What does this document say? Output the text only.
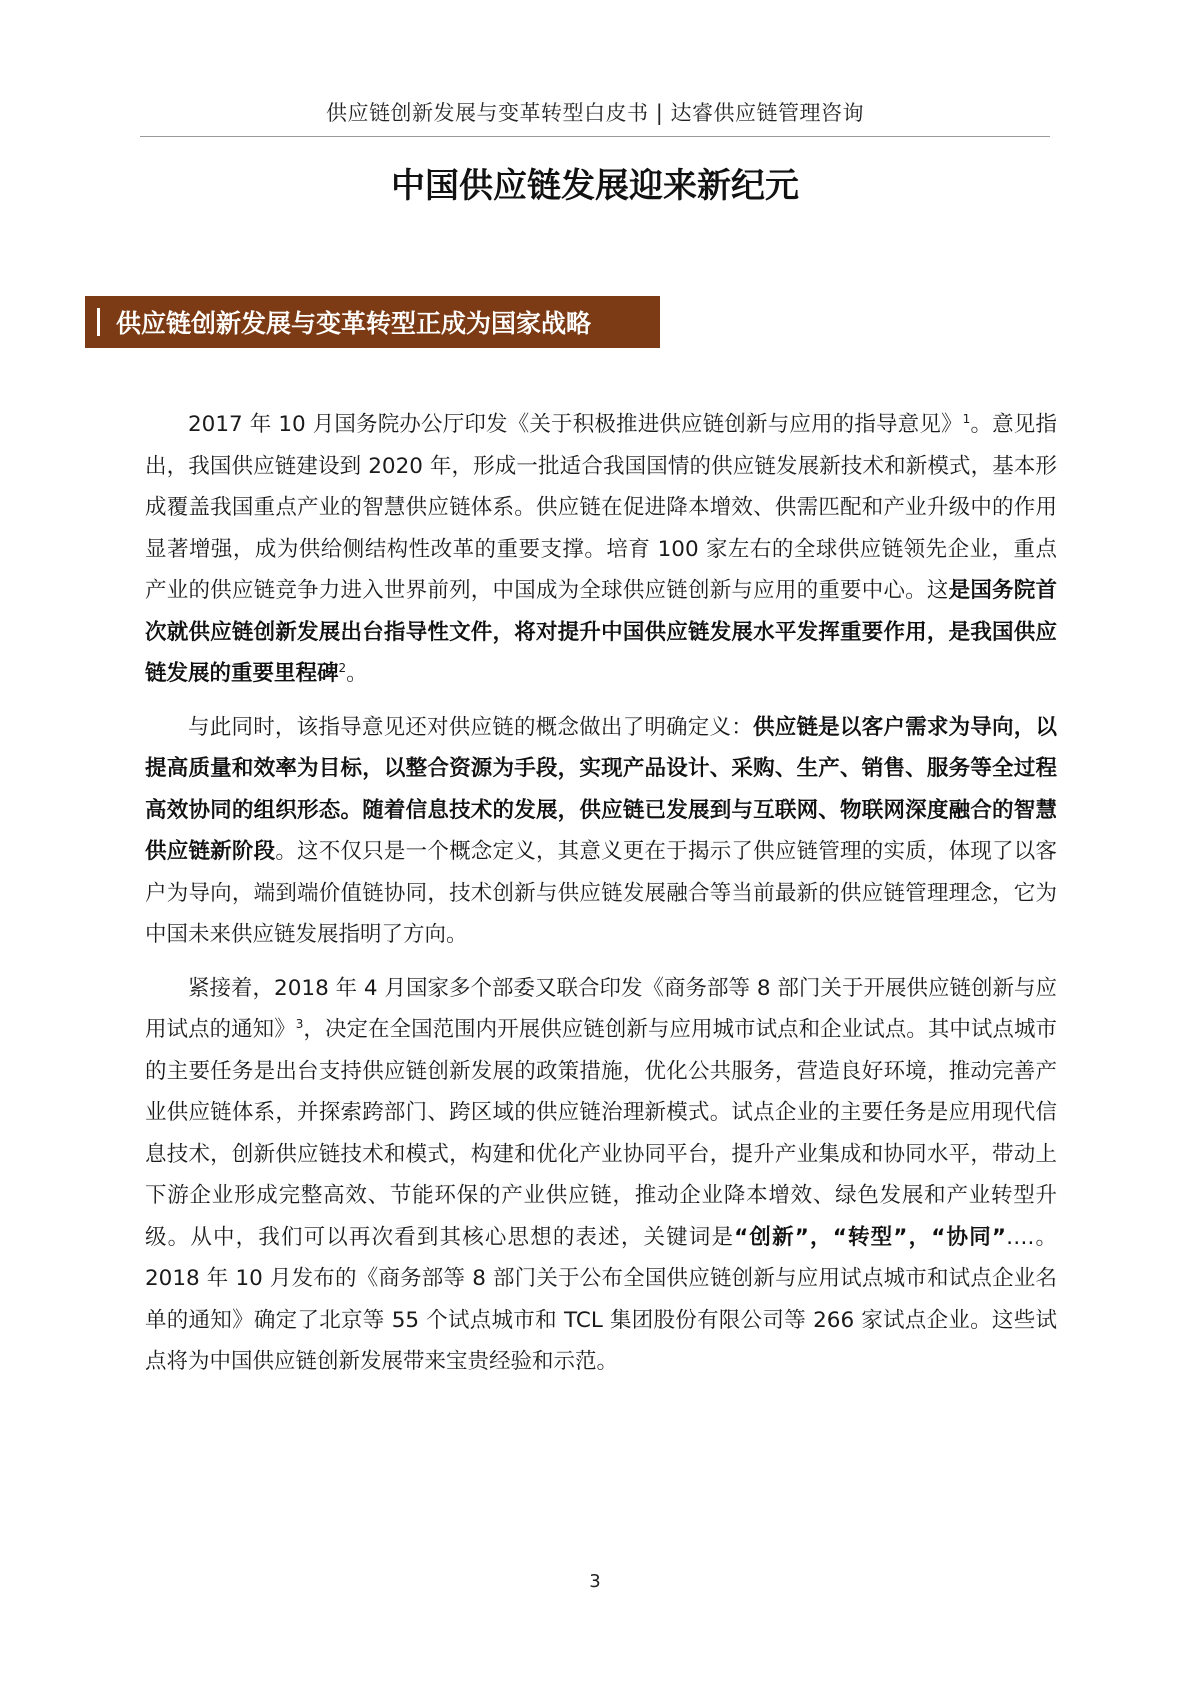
供应链创新发展与变革转型白皮书 | 达睿供应链管理咨询
中国供应链发展迎来新纪元
供应链创新发展与变革转型正成为国家战略

2017 年 10 月国务院办公厅印发《关于积极推进供应链创新与应用的指导意见》$^1$。意见指出，我国供应链建设到 2020 年，形成一批适合我国国情的供应链发展新技术和新模式，基本形成覆盖我国重点产业的智慧供应链体系。供应链在促进降本增效、供需匹配和产业升级中的作用显著增强，成为供给侧结构性改革的重要支撑。培育 100 家左右的全球供应链领先企业，重点产业的供应链竞争力进入世界前列，中国成为全球供应链创新与应用的重要中心。这是国务院首次就供应链创新发展出台指导性文件，将对提升中国供应链发展水平发挥重要作用，是我国供应链发展的重要里程碑$^2$。

与此同时，该指导意见还对供应链的概念做出了明确定义：供应链是以客户需求为导向，以提高质量和效率为目标，以整合资源为手段，实现产品设计、采购、生产、销售、服务等全过程高效协同的组织形态。随着信息技术的发展，供应链已发展到与互联网、物联网深度融合的智慧供应链新阶段。这不仅只是一个概念定义，其意义更在于揭示了供应链管理的实质，体现了以客户为导向，端到端价值链协同，技术创新与供应链发展融合等当前最新的供应链管理理念，它为中国未来供应链发展指明了方向。

紧接着，2018 年 4 月国家多个部委又联合印发《商务部等 8 部门关于开展供应链创新与应用试点的通知》$^3$，决定在全国范围内开展供应链创新与应用城市试点和企业试点。其中试点城市的主要任务是出台支持供应链创新发展的政策措施，优化公共服务，营造良好环境，推动完善产业供应链体系，并探索跨部门、跨区域的供应链治理新模式。试点企业的主要任务是应用现代信息技术，创新供应链技术和模式，构建和优化产业协同平台，提升产业集成和协同水平，带动上下游企业形成完整高效、节能环保的产业供应链，推动企业降本增效、绿色发展和产业转型升级。从中，我们可以再次看到其核心思想的表述，关键词是“创新”，“转型”，“协同”….。2018 年 10 月发布的《商务部等 8 部门关于公布全国供应链创新与应用试点城市和试点企业名单的通知》确定了北京等 55 个试点城市和 TCL 集团股份有限公司等 266 家试点企业。这些试点将为中国供应链创新发展带来宝贵经验和示范。

3
